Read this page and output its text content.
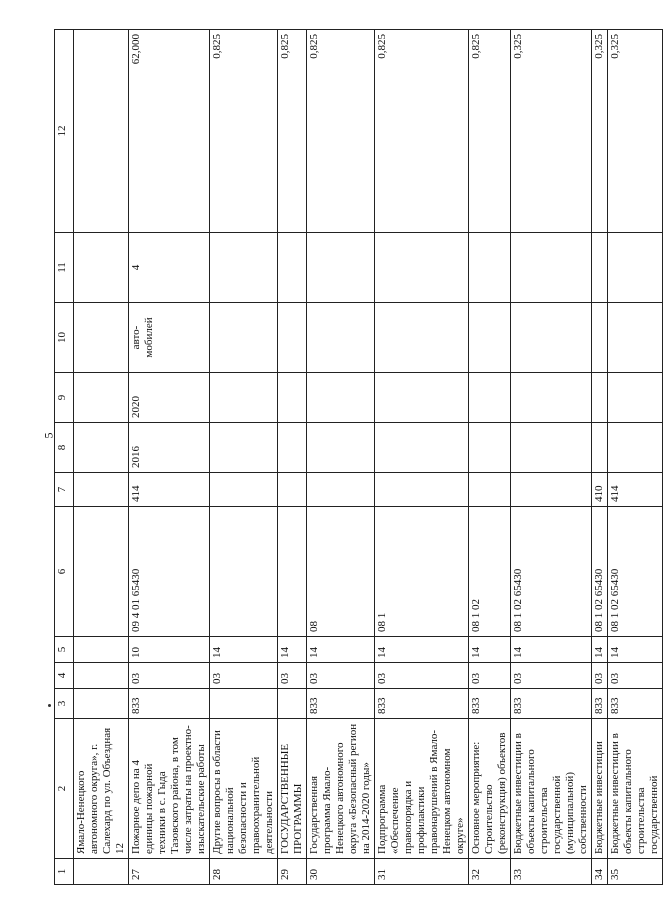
5
1	2	3	4	5	6	7	8	9	10	11	12
	Ямало-Ненецкого автономного округа», г. Салехард по ул. Объездная 12										
27	Пожарное депо на 4 единицы пожарной техники в с. Гыда Тазовского района, в том числе затраты на проектно-изыскательские работы	833	03	10	09 4 01 65430	414	2016	2020	авто-мобилей	4	62,000
28	Другие вопросы в области национальной безопасности и правоохранительной деятельности		03	14							0,825
29	ГОСУДАРСТВЕННЫЕ ПРОГРАММЫ		03	14							0,825
30	Государственная программа Ямало-Ненецкого автономного округа «Безопасный регион на 2014-2020 годы»	833	03	14	08						0,825
31	Подпрограмма «Обеспечение правопорядка и профилактики правонарушений в Ямало-Ненецком автономном округе»	833	03	14	08 1						0,825
32	Основное мероприятие: Строительство (реконструкция) объектов	833	03	14	08 1 02						0,825
33	Бюджетные инвестиции в объекты капитального строительства государственной (муниципальной) собственности	833	03	14	08 1 02 65430						0,325
34	Бюджетные инвестиции	833	03	14	08 1 02 65430	410					0,325
35	Бюджетные инвестиции в объекты капитального строительства государственной	833	03	14	08 1 02 65430	414					0,325
